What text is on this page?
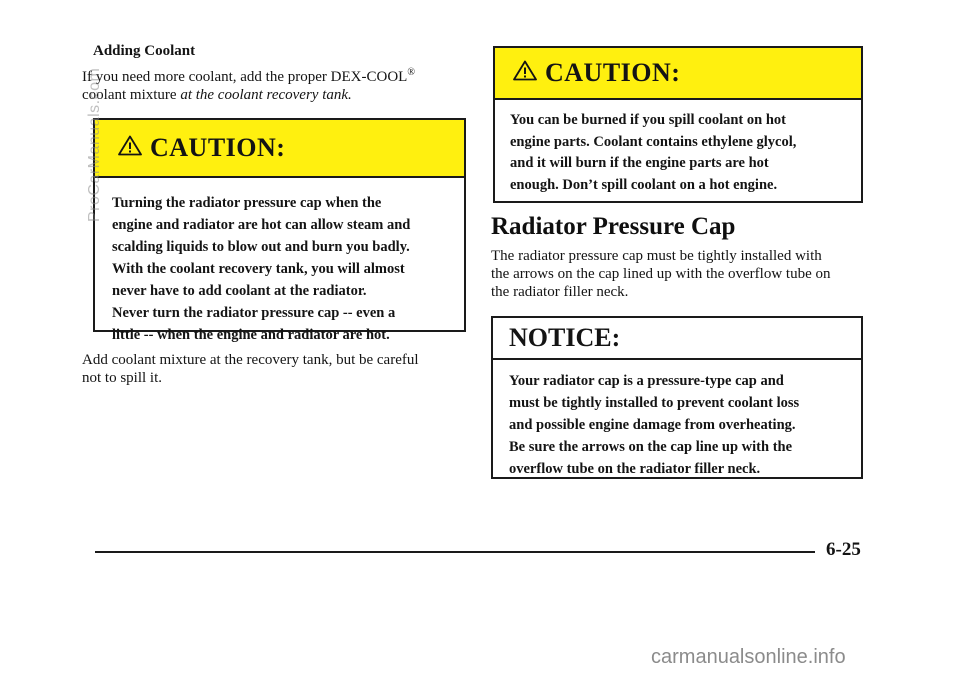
Adding Coolant
If you need more coolant, add the proper DEX-COOL®
coolant mixture at the coolant recovery tank.
CAUTION:
Turning the radiator pressure cap when the
engine and radiator are hot can allow steam and
scalding liquids to blow out and burn you badly.
With the coolant recovery tank, you will almost
never have to add coolant at the radiator.
Never turn the radiator pressure cap -- even a
little -- when the engine and radiator are hot.
Add coolant mixture at the recovery tank, but be careful
not to spill it.
CAUTION:
You can be burned if you spill coolant on hot
engine parts. Coolant contains ethylene glycol,
and it will burn if the engine parts are hot
enough. Don’t spill coolant on a hot engine.
Radiator Pressure Cap
The radiator pressure cap must be tightly installed with
the arrows on the cap lined up with the overflow tube on
the radiator filler neck.
NOTICE:
Your radiator cap is a pressure-type cap and
must be tightly installed to prevent coolant loss
and possible engine damage from overheating.
Be sure the arrows on the cap line up with the
overflow tube on the radiator filler neck.
6-25
ProCarManuals.com
carmanualsonline.info
